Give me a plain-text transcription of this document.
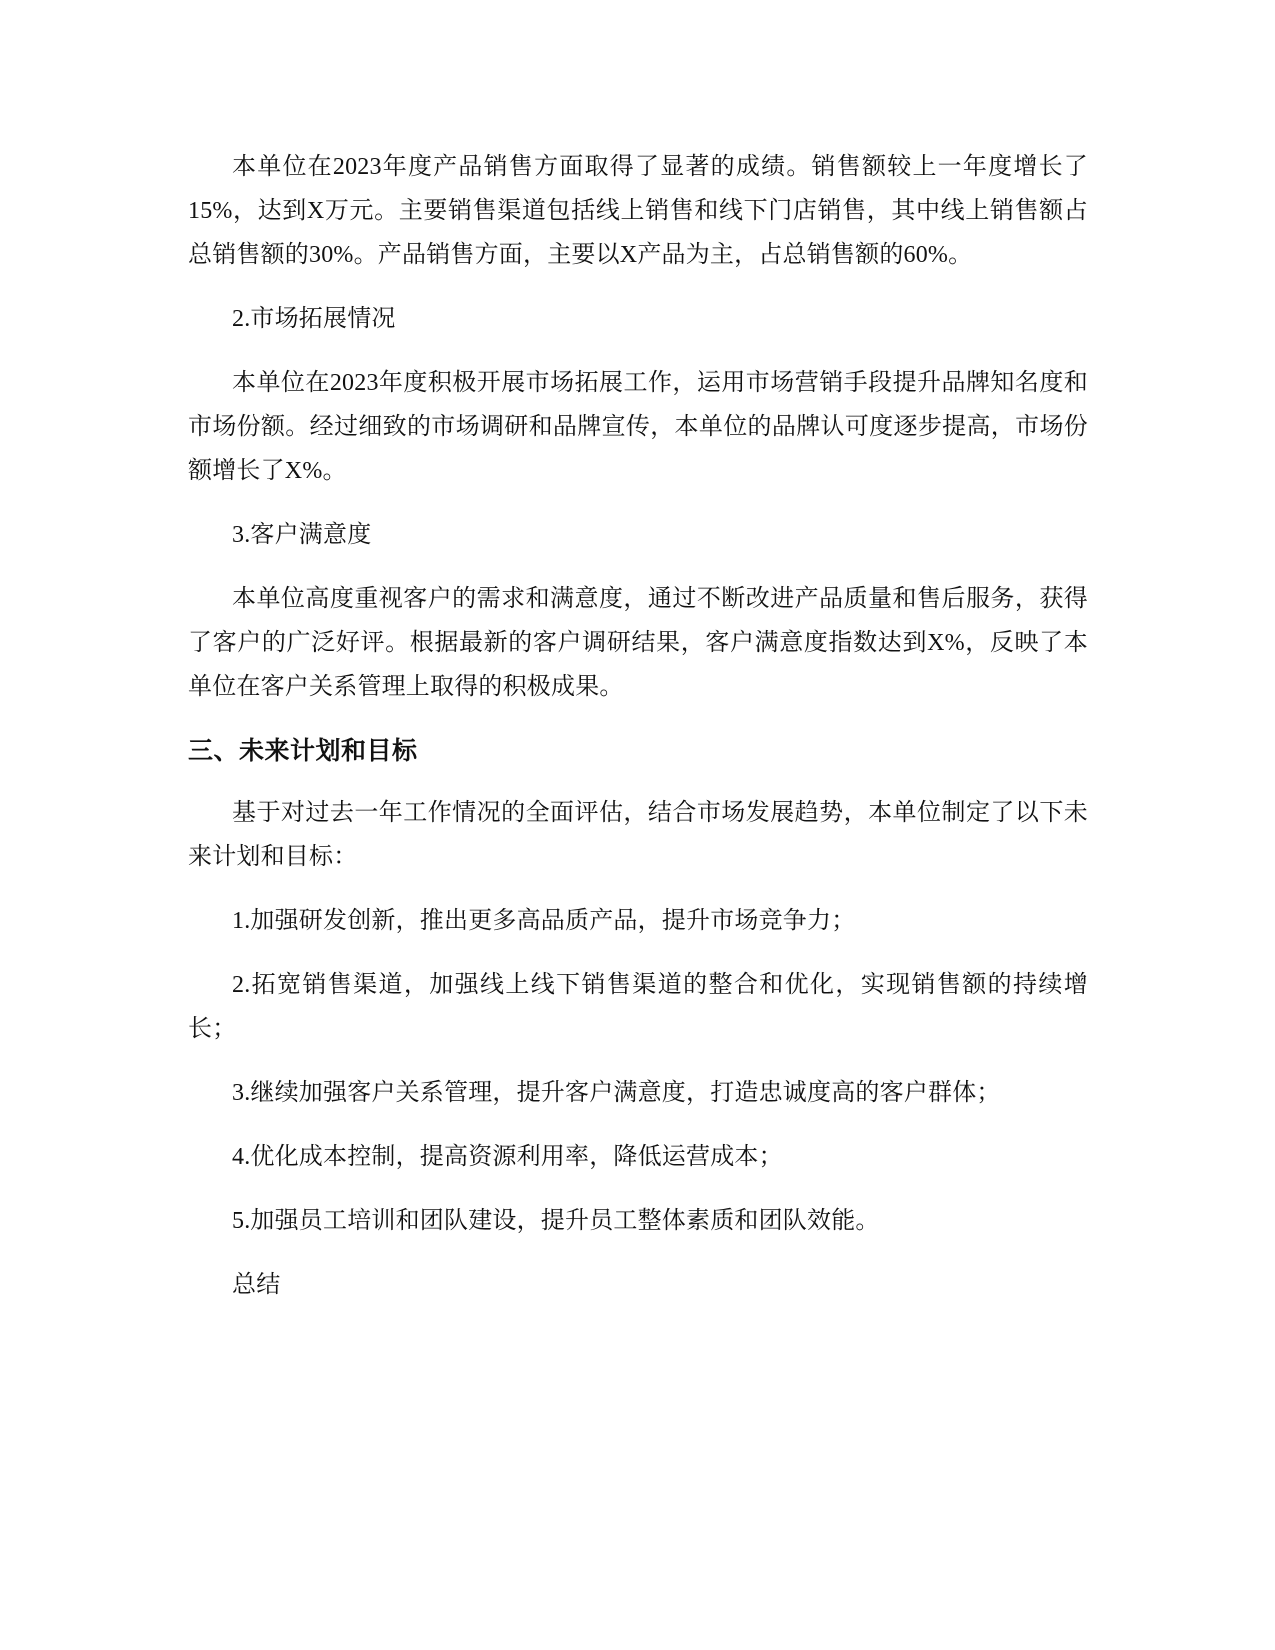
本单位在2023年度产品销售方面取得了显著的成绩。销售额较上一年度增长了15%，达到X万元。主要销售渠道包括线上销售和线下门店销售，其中线上销售额占总销售额的30%。产品销售方面，主要以X产品为主，占总销售额的60%。

2.市场拓展情况

本单位在2023年度积极开展市场拓展工作，运用市场营销手段提升品牌知名度和市场份额。经过细致的市场调研和品牌宣传，本单位的品牌认可度逐步提高，市场份额增长了X%。

3.客户满意度

本单位高度重视客户的需求和满意度，通过不断改进产品质量和售后服务，获得了客户的广泛好评。根据最新的客户调研结果，客户满意度指数达到X%，反映了本单位在客户关系管理上取得的积极成果。

三、未来计划和目标

基于对过去一年工作情况的全面评估，结合市场发展趋势，本单位制定了以下未来计划和目标：

1.加强研发创新，推出更多高品质产品，提升市场竞争力；

2.拓宽销售渠道，加强线上线下销售渠道的整合和优化，实现销售额的持续增长；

3.继续加强客户关系管理，提升客户满意度，打造忠诚度高的客户群体；

4.优化成本控制，提高资源利用率，降低运营成本；

5.加强员工培训和团队建设，提升员工整体素质和团队效能。

总结
